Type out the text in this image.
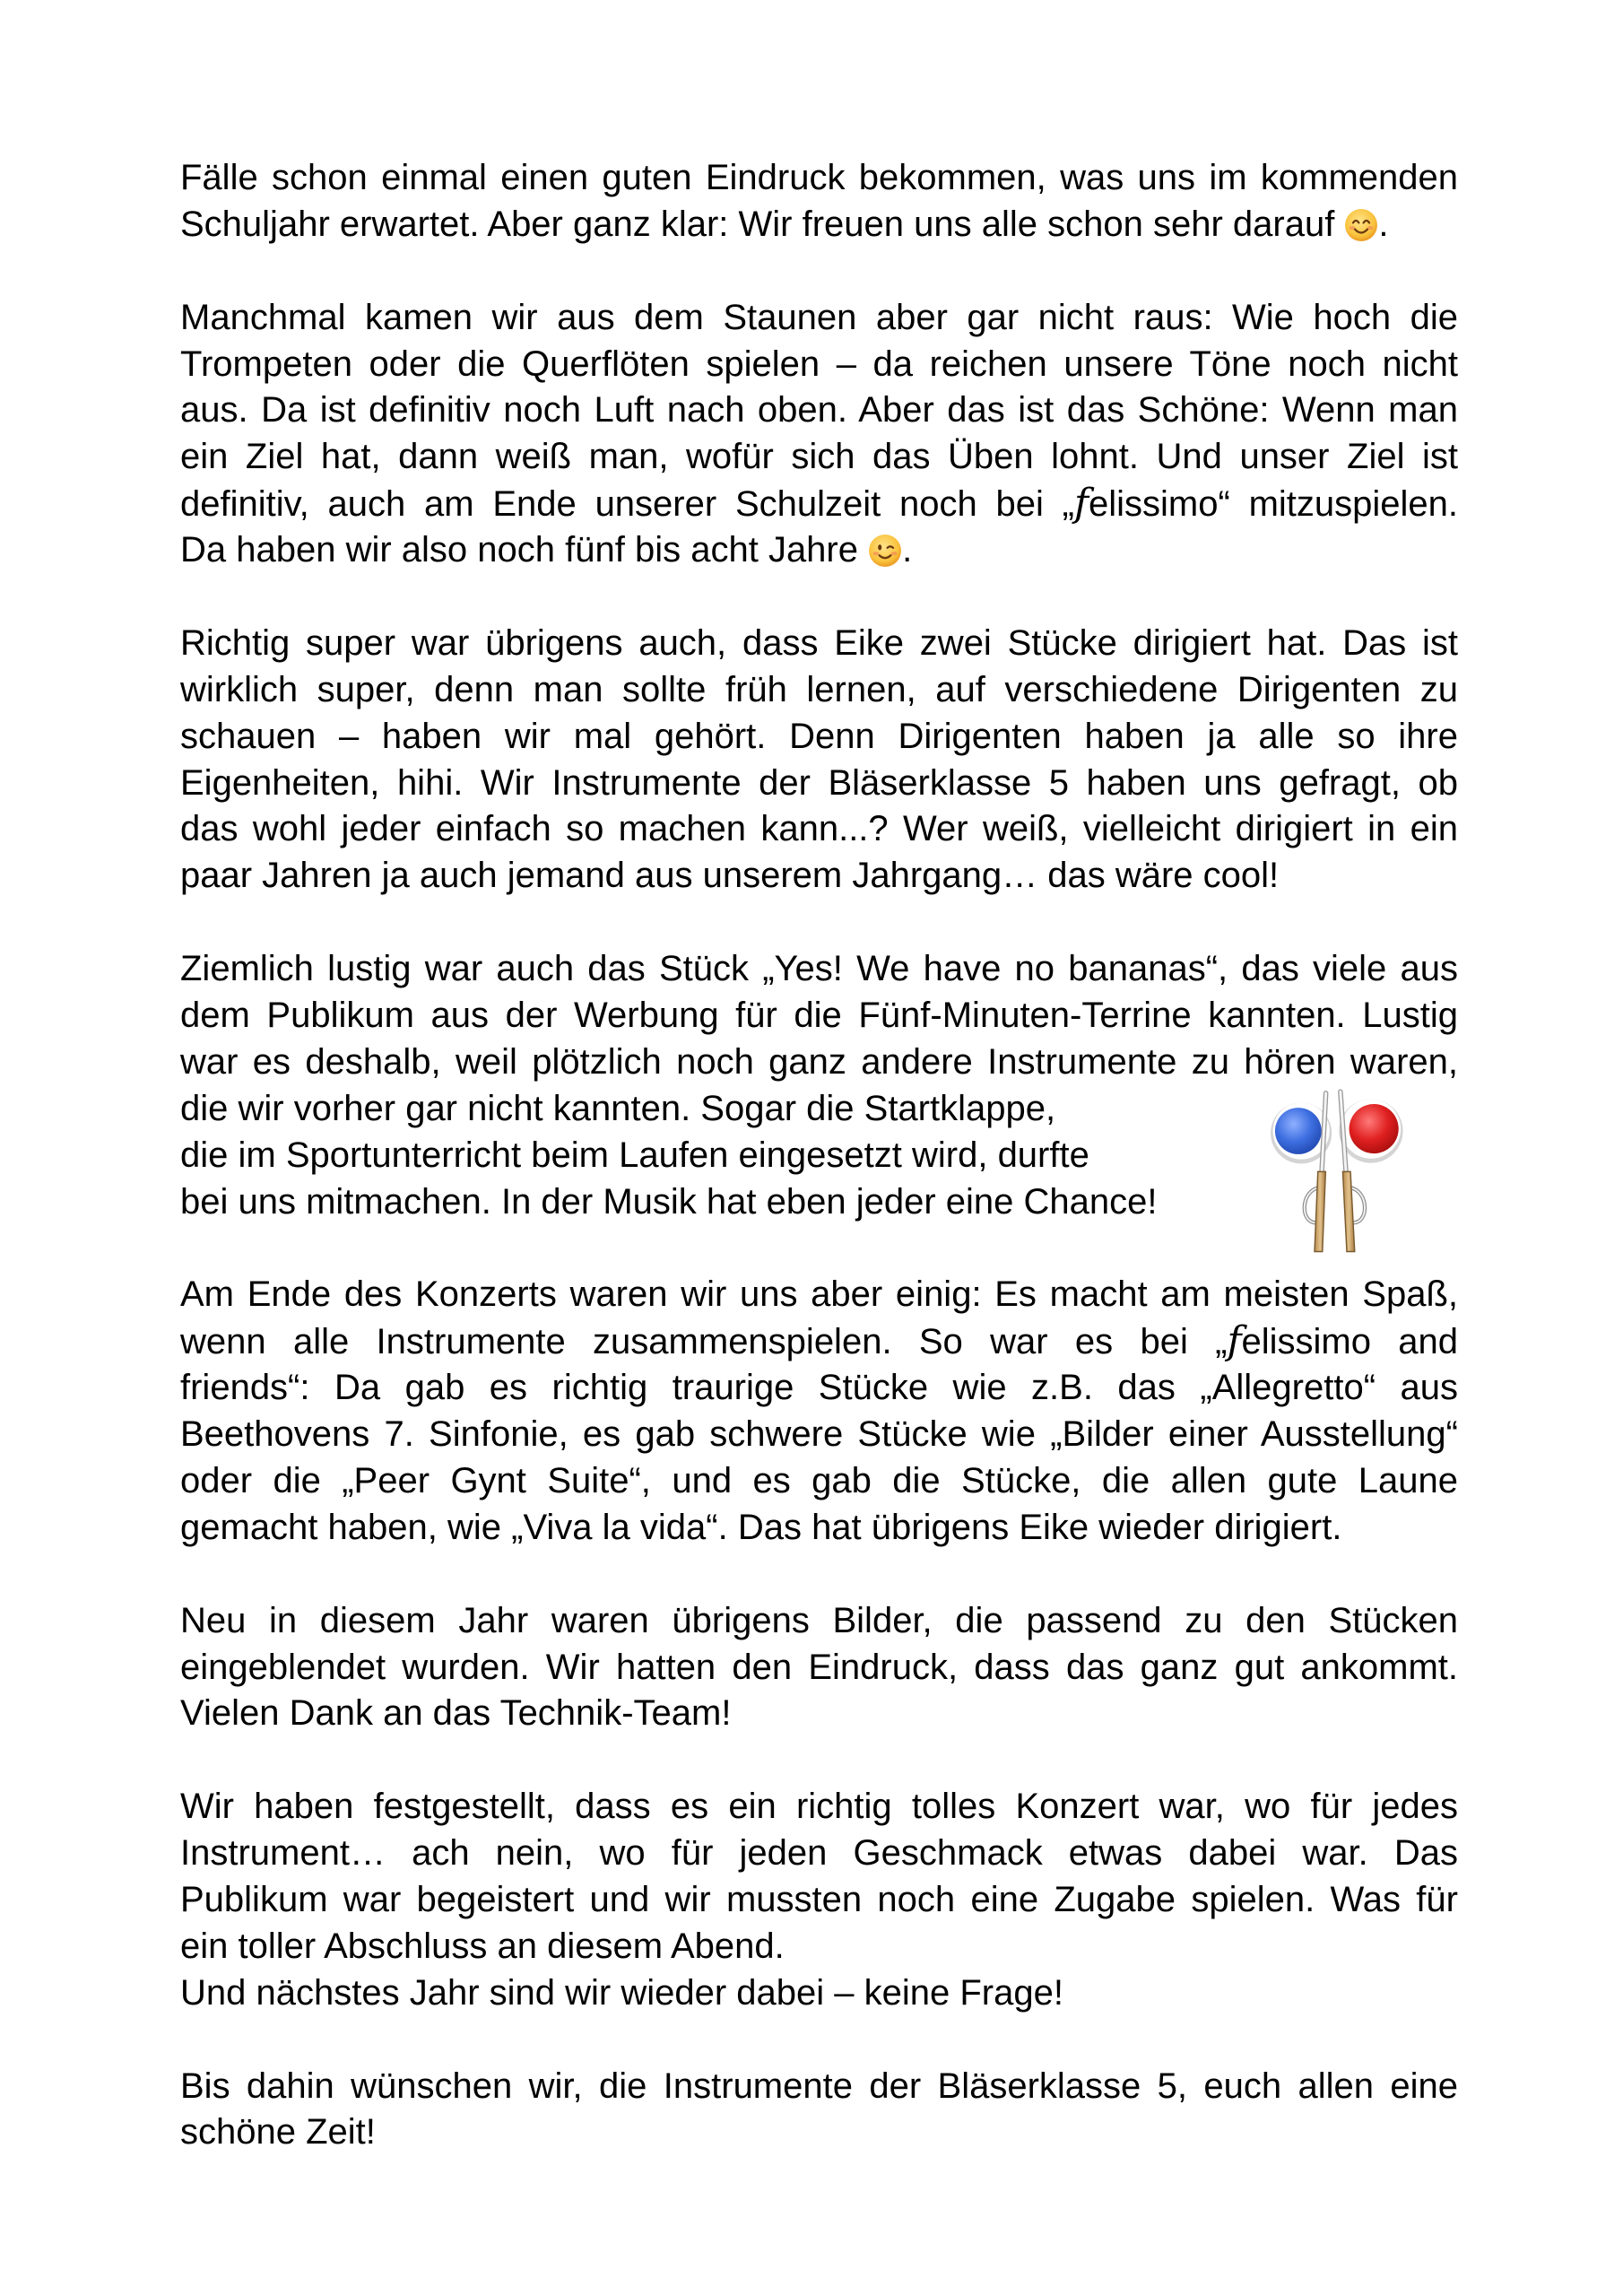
Fälle schon einmal einen guten Eindruck bekommen, was uns im kommenden
Schuljahr erwartet. Aber ganz klar: Wir freuen uns alle schon sehr darauf
.
Manchmal kamen wir aus dem Staunen aber gar nicht raus: Wie hoch die
Trompeten oder die Querflöten spielen – da reichen unsere Töne noch nicht
aus. Da ist definitiv noch Luft nach oben. Aber das ist das Schöne: Wenn man
ein Ziel hat, dann weiß man, wofür sich das Üben lohnt. Und unser Ziel ist
definitiv, auch am Ende unserer Schulzeit noch bei „felissimo“ mitzuspielen.
Da haben wir also noch fünf bis acht Jahre
.
Richtig super war übrigens auch, dass Eike zwei Stücke dirigiert hat. Das ist
wirklich super, denn man sollte früh lernen, auf verschiedene Dirigenten zu
schauen – haben wir mal gehört. Denn Dirigenten haben ja alle so ihre
Eigenheiten, hihi. Wir Instrumente der Bläserklasse 5 haben uns gefragt, ob
das wohl jeder einfach so machen kann...? Wer weiß, vielleicht dirigiert in ein
paar Jahren ja auch jemand aus unserem Jahrgang… das wäre cool!
Ziemlich lustig war auch das Stück „Yes! We have no bananas“, das viele aus
dem Publikum aus der Werbung für die Fünf-Minuten-Terrine kannten. Lustig
war es deshalb, weil plötzlich noch ganz andere Instrumente zu hören waren,
die wir vorher gar nicht kannten. Sogar die Startklappe,
die im Sportunterricht beim Laufen eingesetzt wird, durfte
bei uns mitmachen. In der Musik hat eben jeder eine Chance!
Am Ende des Konzerts waren wir uns aber einig: Es macht am meisten Spaß,
wenn alle Instrumente zusammenspielen. So war es bei „felissimo and
friends“: Da gab es richtig traurige Stücke wie z.B. das „Allegretto“ aus
Beethovens 7. Sinfonie, es gab schwere Stücke wie „Bilder einer Ausstellung“
oder die „Peer Gynt Suite“, und es gab die Stücke, die allen gute Laune
gemacht haben, wie „Viva la vida“. Das hat übrigens Eike wieder dirigiert.
Neu in diesem Jahr waren übrigens Bilder, die passend zu den Stücken
eingeblendet wurden. Wir hatten den Eindruck, dass das ganz gut ankommt.
Vielen Dank an das Technik-Team!
Wir haben festgestellt, dass es ein richtig tolles Konzert war, wo für jedes
Instrument… ach nein, wo für jeden Geschmack etwas dabei war. Das
Publikum war begeistert und wir mussten noch eine Zugabe spielen. Was für
ein toller Abschluss an diesem Abend.
Und nächstes Jahr sind wir wieder dabei – keine Frage!
Bis dahin wünschen wir, die Instrumente der Bläserklasse 5, euch allen eine
schöne Zeit!
